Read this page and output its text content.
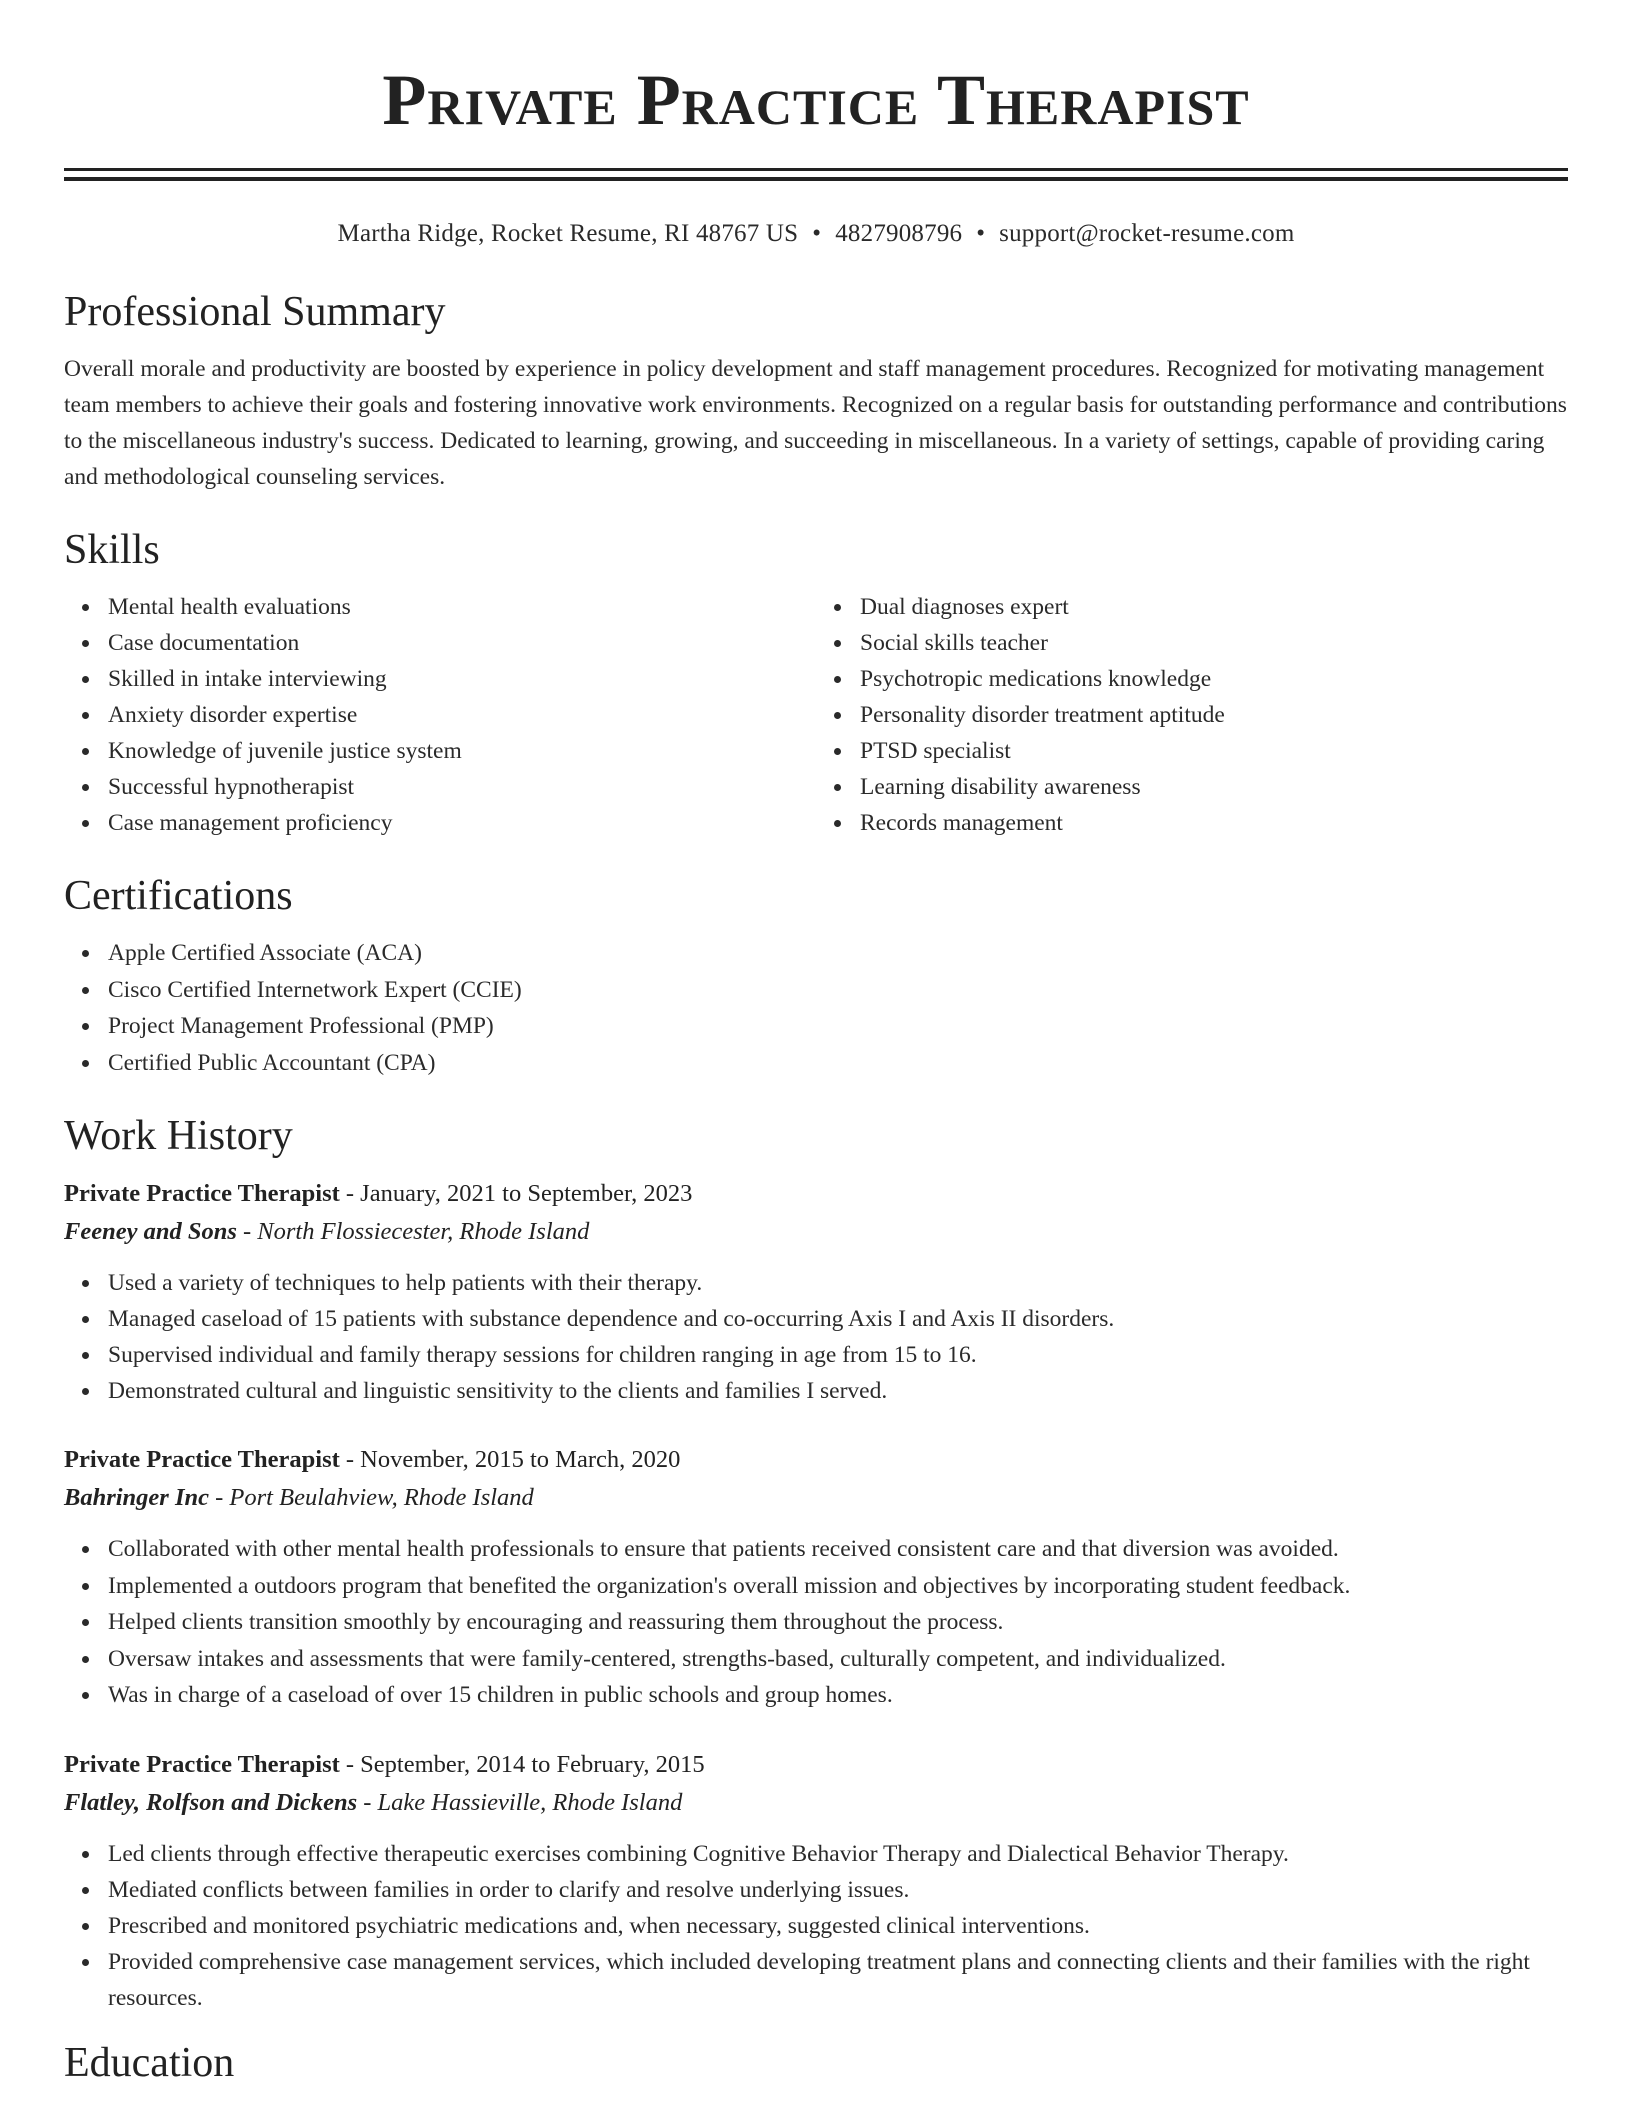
Private Practice Therapist
Martha Ridge, Rocket Resume, RI 48767 US • 4827908796 • support@rocket-resume.com
Professional Summary
Overall morale and productivity are boosted by experience in policy development and staff management procedures. Recognized for motivating management team members to achieve their goals and fostering innovative work environments. Recognized on a regular basis for outstanding performance and contributions to the miscellaneous industry's success. Dedicated to learning, growing, and succeeding in miscellaneous. In a variety of settings, capable of providing caring and methodological counseling services.
Skills
Mental health evaluations
Case documentation
Skilled in intake interviewing
Anxiety disorder expertise
Knowledge of juvenile justice system
Successful hypnotherapist
Case management proficiency
Dual diagnoses expert
Social skills teacher
Psychotropic medications knowledge
Personality disorder treatment aptitude
PTSD specialist
Learning disability awareness
Records management
Certifications
Apple Certified Associate (ACA)
Cisco Certified Internetwork Expert (CCIE)
Project Management Professional (PMP)
Certified Public Accountant (CPA)
Work History
Private Practice Therapist - January, 2021 to September, 2023
Feeney and Sons - North Flossiecester, Rhode Island
Used a variety of techniques to help patients with their therapy.
Managed caseload of 15 patients with substance dependence and co-occurring Axis I and Axis II disorders.
Supervised individual and family therapy sessions for children ranging in age from 15 to 16.
Demonstrated cultural and linguistic sensitivity to the clients and families I served.
Private Practice Therapist - November, 2015 to March, 2020
Bahringer Inc - Port Beulahview, Rhode Island
Collaborated with other mental health professionals to ensure that patients received consistent care and that diversion was avoided.
Implemented a outdoors program that benefited the organization's overall mission and objectives by incorporating student feedback.
Helped clients transition smoothly by encouraging and reassuring them throughout the process.
Oversaw intakes and assessments that were family-centered, strengths-based, culturally competent, and individualized.
Was in charge of a caseload of over 15 children in public schools and group homes.
Private Practice Therapist - September, 2014 to February, 2015
Flatley, Rolfson and Dickens - Lake Hassieville, Rhode Island
Led clients through effective therapeutic exercises combining Cognitive Behavior Therapy and Dialectical Behavior Therapy.
Mediated conflicts between families in order to clarify and resolve underlying issues.
Prescribed and monitored psychiatric medications and, when necessary, suggested clinical interventions.
Provided comprehensive case management services, which included developing treatment plans and connecting clients and their families with the right resources.
Education
